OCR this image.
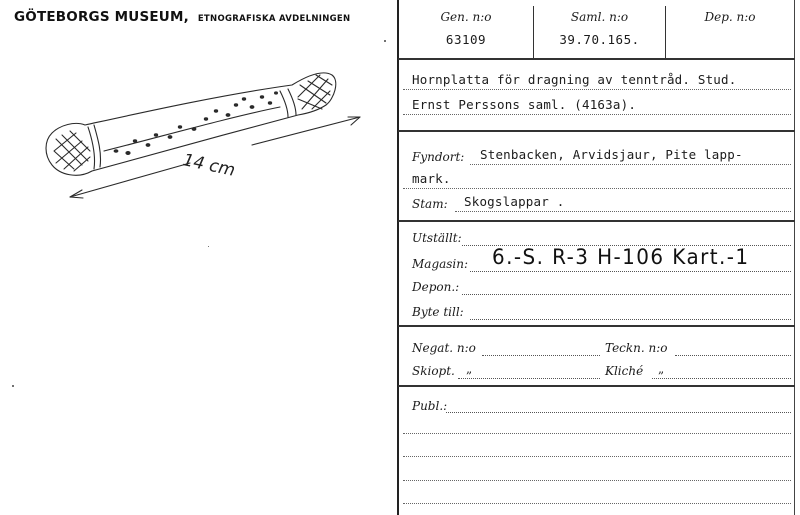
GÖTEBORGS MUSEUM, ETNOGRAFISKA AVDELNINGEN
14 cm
Gen. n:o
63109
Saml. n:o
39.70.165.
Dep. n:o
Hornplatta för dragning av tenntråd. Stud.
Ernst Perssons saml. (4163a).
Fyndort: Stenbacken, Arvidsjaur, Pite lapp-
mark.
Stam: Skogslappar .
Utställt:
Magasin: 6.-S. R-3 H-106 Kart.-1
Depon.:
Byte till:
Negat. n:o	Teckn. n:o
Skiopt. „	Kliché „
Publ.:
